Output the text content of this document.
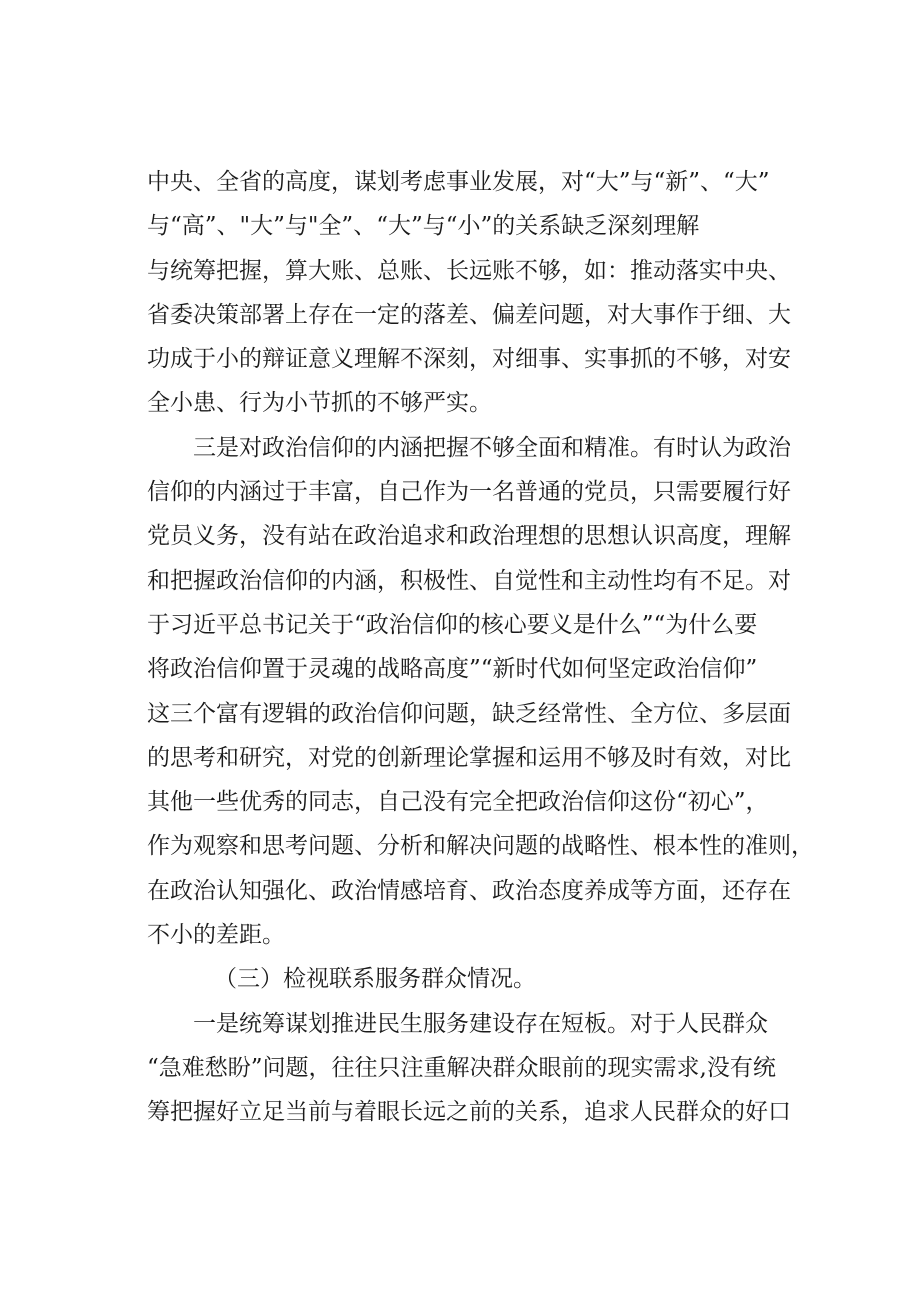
中央、全省的高度，谋划考虑事业发展，对“大”与“新”、“大”
与“高”、"大”与"全”、“大”与“小”的关系缺乏深刻理解
与统筹把握，算大账、总账、长远账不够，如：推动落实中央、
省委决策部署上存在一定的落差、偏差问题，对大事作于细、大
功成于小的辩证意义理解不深刻，对细事、实事抓的不够，对安
全小患、行为小节抓的不够严实。
三是对政治信仰的内涵把握不够全面和精准。有时认为政治
信仰的内涵过于丰富，自己作为一名普通的党员，只需要履行好
党员义务，没有站在政治追求和政治理想的思想认识高度，理解
和把握政治信仰的内涵，积极性、自觉性和主动性均有不足。对
于习近平总书记关于“政治信仰的核心要义是什么”“为什么要
将政治信仰置于灵魂的战略高度”“新时代如何坚定政治信仰”
这三个富有逻辑的政治信仰问题，缺乏经常性、全方位、多层面
的思考和研究，对党的创新理论掌握和运用不够及时有效，对比
其他一些优秀的同志，自己没有完全把政治信仰这份“初心”，
作为观察和思考问题、分析和解决问题的战略性、根本性的准则，
在政治认知强化、政治情感培育、政治态度养成等方面，还存在
不小的差距。
（三）检视联系服务群众情况。
一是统筹谋划推进民生服务建设存在短板。对于人民群众
“急难愁盼”问题，往往只注重解决群众眼前的现实需求,没有统
筹把握好立足当前与着眼长远之前的关系，追求人民群众的好口
